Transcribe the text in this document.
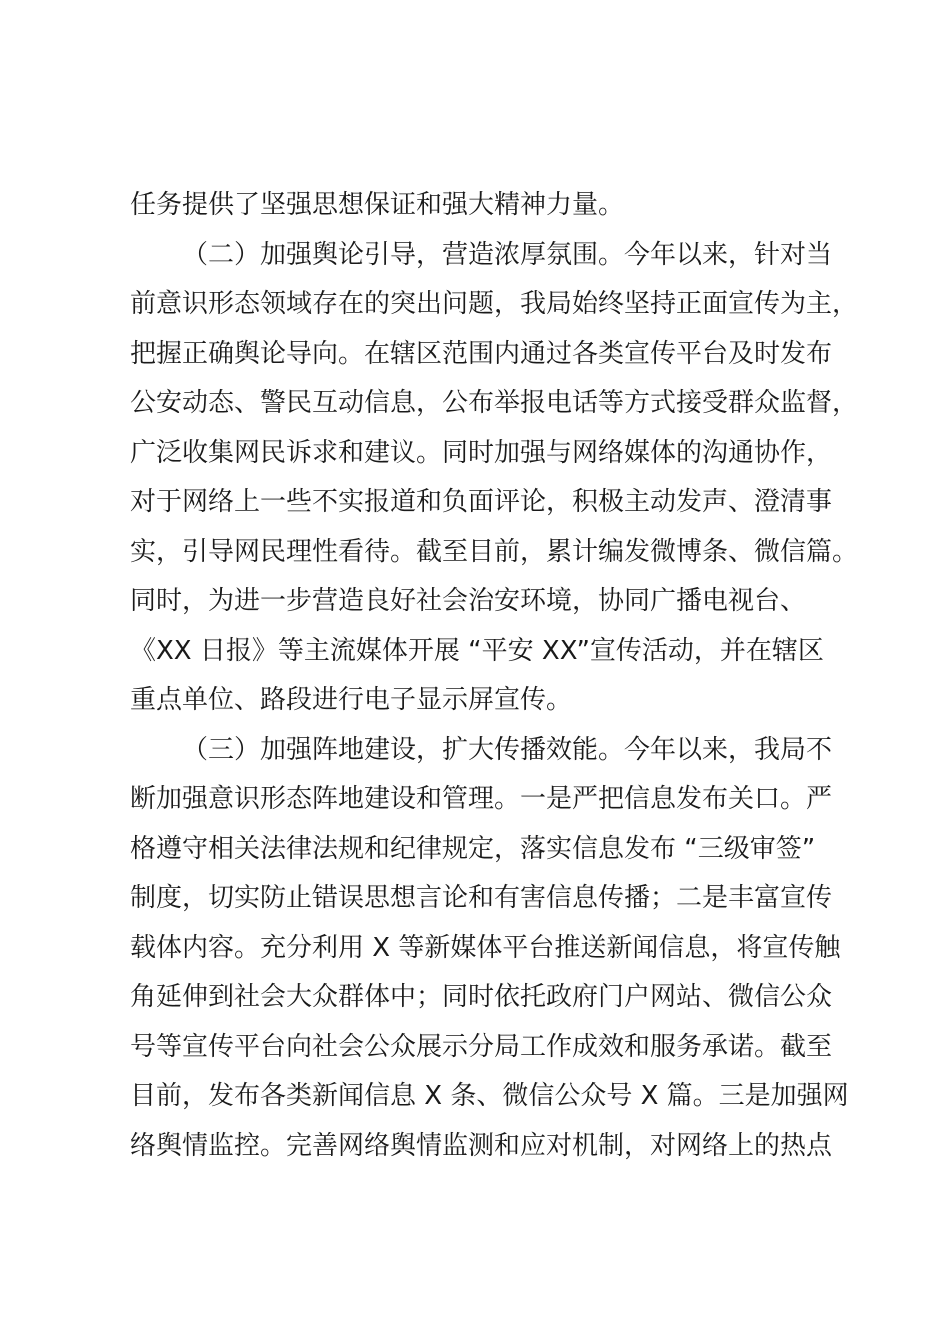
任务提供了坚强思想保证和强大精神力量。
（二）加强舆论引导，营造浓厚氛围。今年以来，针对当
前意识形态领域存在的突出问题，我局始终坚持正面宣传为主，
把握正确舆论导向。在辖区范围内通过各类宣传平台及时发布
公安动态、警民互动信息，公布举报电话等方式接受群众监督，
广泛收集网民诉求和建议。同时加强与网络媒体的沟通协作，
对于网络上一些不实报道和负面评论，积极主动发声、澄清事
实，引导网民理性看待。截至目前，累计编发微博条、微信篇。
同时，为进一步营造良好社会治安环境，协同广播电视台、
《XX 日报》等主流媒体开展 “平安 XX”宣传活动，并在辖区
重点单位、路段进行电子显示屏宣传。
（三）加强阵地建设，扩大传播效能。今年以来，我局不
断加强意识形态阵地建设和管理。一是严把信息发布关口。严
格遵守相关法律法规和纪律规定，落实信息发布 “三级审签”
制度，切实防止错误思想言论和有害信息传播；二是丰富宣传
载体内容。充分利用 X 等新媒体平台推送新闻信息，将宣传触
角延伸到社会大众群体中；同时依托政府门户网站、微信公众
号等宣传平台向社会公众展示分局工作成效和服务承诺。截至
目前，发布各类新闻信息 X 条、微信公众号 X 篇。三是加强网
络舆情监控。完善网络舆情监测和应对机制，对网络上的热点
